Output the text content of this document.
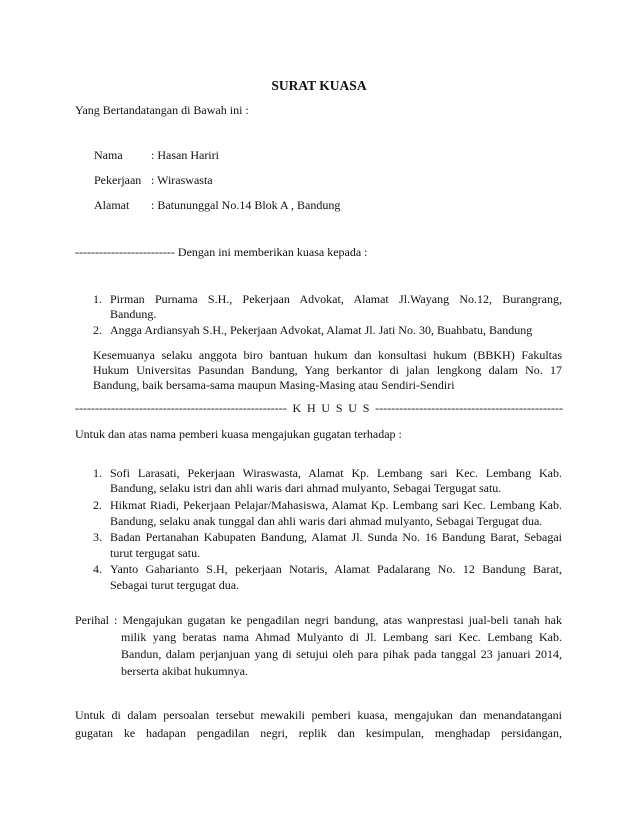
SURAT KUASA
Yang Bertandatangan di Bawah ini :
Nama : Hasan Hariri
Pekerjaan : Wiraswasta
Alamat : Batununggal No.14 Blok A , Bandung
------------------------- Dengan ini memberikan kuasa kepada :
1. Pirman Purnama S.H., Pekerjaan Advokat, Alamat Jl.Wayang No.12, Burangrang,
Bandung.
2. Angga Ardiansyah S.H., Pekerjaan Advokat, Alamat Jl. Jati No. 30, Buahbatu, Bandung
Kesemuanya selaku anggota biro bantuan hukum dan konsultasi hukum (BBKH) Fakultas
Hukum Universitas Pasundan Bandung, Yang berkantor di jalan lengkong dalam No. 17
Bandung, baik bersama-sama maupun Masing-Masing atau Sendiri-Sendiri
----------------------------------------------------- K H U S U S -----------------------------------------------
Untuk dan atas nama pemberi kuasa mengajukan gugatan terhadap :
1. Sofi Larasati, Pekerjaan Wiraswasta, Alamat Kp. Lembang sari Kec. Lembang Kab.
Bandung, selaku istri dan ahli waris dari ahmad mulyanto, Sebagai Tergugat satu.
2. Hikmat Riadi, Pekerjaan Pelajar/Mahasiswa, Alamat Kp. Lembang sari Kec. Lembang Kab.
Bandung, selaku anak tunggal dan ahli waris dari ahmad mulyanto, Sebagai Tergugat dua.
3. Badan Pertanahan Kabupaten Bandung, Alamat Jl. Sunda No. 16 Bandung Barat, Sebagai
turut tergugat satu.
4. Yanto Gaharianto S.H, pekerjaan Notaris, Alamat Padalarang No. 12 Bandung Barat,
Sebagai turut tergugat dua.
Perihal : Mengajukan gugatan ke pengadilan negri bandung, atas wanprestasi jual-beli tanah hak
milik yang beratas nama Ahmad Mulyanto di Jl. Lembang sari Kec. Lembang Kab.
Bandun, dalam perjanjuan yang di setujui oleh para pihak pada tanggal 23 januari 2014,
berserta akibat hukumnya.
Untuk di dalam persoalan tersebut mewakili pemberi kuasa, mengajukan dan menandatangani
gugatan ke hadapan pengadilan negri, replik dan kesimpulan, menghadap persidangan,
